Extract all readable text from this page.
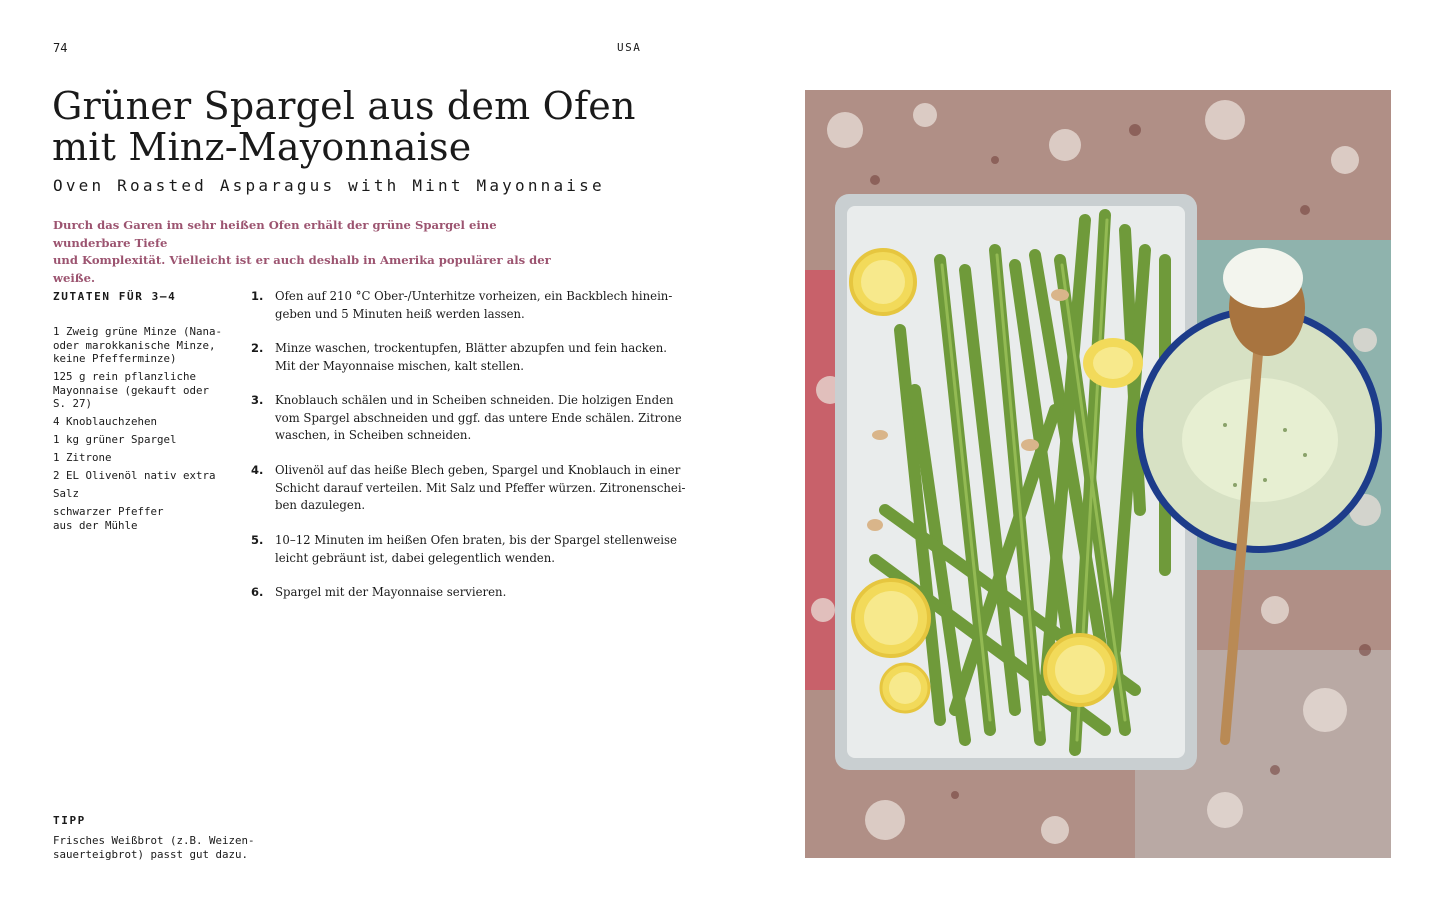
74	USA
Grüner Spargel aus dem Ofen
mit Minz-Mayonnaise
Oven Roasted Asparagus with Mint Mayonnaise
Durch das Garen im sehr heißen Ofen erhält der grüne Spargel eine wunderbare Tiefe
und Komplexität. Vielleicht ist er auch deshalb in Amerika populärer als der weiße.
ZUTATEN FÜR 3–4
1 Zweig grüne Minze (Nana-
oder marokkanische Minze,
keine Pfefferminze)
125 g rein pflanzliche
Mayonnaise (gekauft oder
S. 27)
4 Knoblauchzehen
1 kg grüner Spargel
1 Zitrone
2 EL Olivenöl nativ extra
Salz
schwarzer Pfeffer
aus der Mühle
1. Ofen auf 210 °C Ober-/Unterhitze vorheizen, ein Backblech hinein-
geben und 5 Minuten heiß werden lassen.
2. Minze waschen, trockentupfen, Blätter abzupfen und fein hacken.
Mit der Mayonnaise mischen, kalt stellen.
3. Knoblauch schälen und in Scheiben schneiden. Die holzigen Enden
vom Spargel abschneiden und ggf. das untere Ende schälen. Zitrone
waschen, in Scheiben schneiden.
4. Olivenöl auf das heiße Blech geben, Spargel und Knoblauch in einer
Schicht darauf verteilen. Mit Salz und Pfeffer würzen. Zitronenschei-
ben dazulegen.
5. 10–12 Minuten im heißen Ofen braten, bis der Spargel stellenweise
leicht gebräunt ist, dabei gelegentlich wenden.
6. Spargel mit der Mayonnaise servieren.
TIPP
Frisches Weißbrot (z.B. Weizen-
sauerteigbrot) passt gut dazu.
